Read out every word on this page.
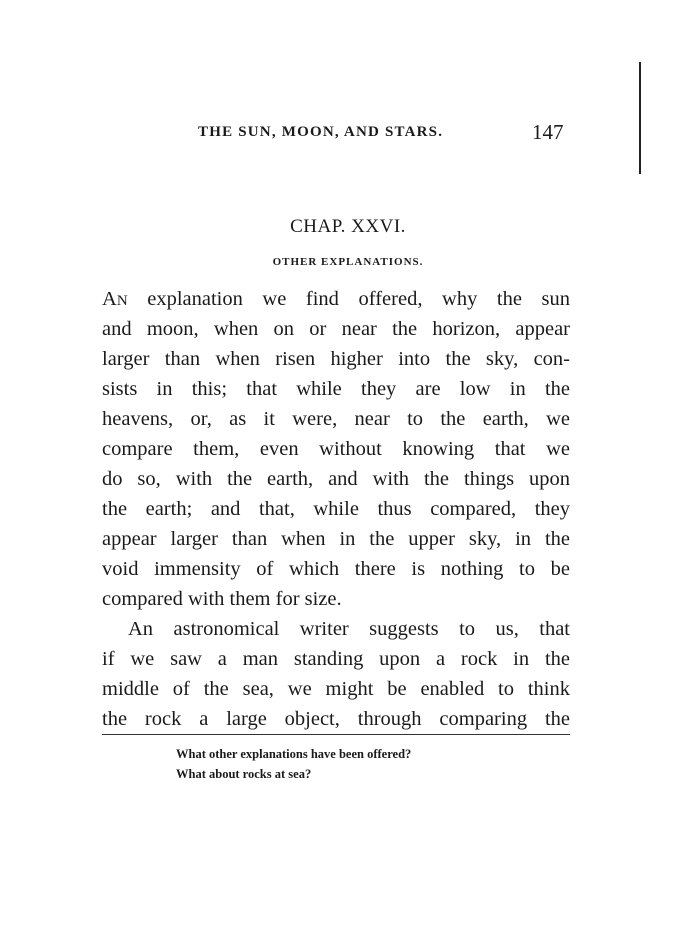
THE SUN, MOON, AND STARS.	147
CHAP. XXVI.
OTHER EXPLANATIONS.
AN explanation we find offered, why the sun
and moon, when on or near the horizon, appear
larger than when risen higher into the sky, con-
sists in this; that while they are low in the
heavens, or, as it were, near to the earth, we
compare them, even without knowing that we
do so, with the earth, and with the things upon
the earth; and that, while thus compared, they
appear larger than when in the upper sky, in the
void immensity of which there is nothing to be
compared with them for size.
An astronomical writer suggests to us, that
if we saw a man standing upon a rock in the
middle of the sea, we might be enabled to think
the rock a large object, through comparing the
What other explanations have been offered?
What about rocks at sea?
